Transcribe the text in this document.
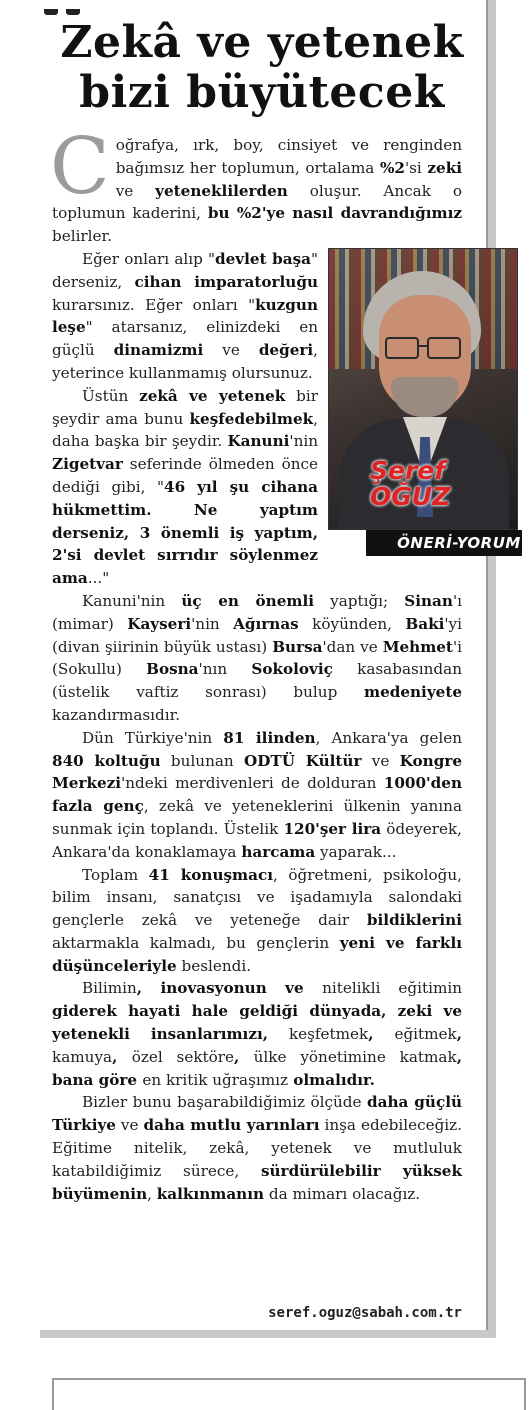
Zekâ ve yetenek
bizi büyütecek

Coğrafya, ırk, boy, cinsiyet ve renginden bağımsız her toplumun, ortalama %2'si zeki ve yeteneklilerden oluşur. Ancak o toplumun kaderini, bu %2'ye nasıl davrandığımız belirler.

Şeref
OĞUZ
ÖNERİ-YORUM
Eğer onları alıp "devlet başa" derseniz, cihan imparatorluğu kurarsınız. Eğer onları "kuzgun leşe" atarsanız, elinizdeki en güçlü dinamizmi ve değeri, yeterince kullanmamış olursunuz.

Üstün zekâ ve yetenek bir şeydir ama bunu keşfedebilmek, daha başka bir şeydir. Kanuni'nin Zigetvar seferinde ölmeden önce dediği gibi, "46 yıl şu cihana hükmettim. Ne yaptım derseniz, 3 önemli iş yaptım, 2'si devlet sırrıdır söylenmez ama..."

Kanuni'nin üç en önemli yaptığı; Sinan'ı (mimar) Kayseri'nin Ağırnas köyünden, Baki'yi (divan şiirinin büyük ustası) Bursa'dan ve Mehmet'i (Sokullu) Bosna'nın Sokoloviç kasabasından (üstelik vaftiz sonrası) bulup medeniyete kazandırmasıdır.

Dün Türkiye'nin 81 ilinden, Ankara'ya gelen 840 koltuğu bulunan ODTÜ Kültür ve Kongre Merkezi'ndeki merdivenleri de dolduran 1000'den fazla genç, zekâ ve yeteneklerini ülkenin yanına sunmak için toplandı. Üstelik 120'şer lira ödeyerek, Ankara'da konaklamaya harcama yaparak...

Toplam 41 konuşmacı, öğretmeni, psikoloğu, bilim insanı, sanatçısı ve işadamıyla salondaki gençlerle zekâ ve yeteneğe dair bildiklerini aktarmakla kalmadı, bu gençlerin yeni ve farklı düşünceleriyle beslendi.

Bilimin, inovasyonun ve nitelikli eğitimin giderek hayati hale geldiği dünyada, zeki ve yetenekli insanlarımızı, keşfetmek, eğitmek, kamuya, özel sektöre, ülke yönetimine katmak, bana göre en kritik uğraşımız olmalıdır.

Bizler bunu başarabildiğimiz ölçüde daha güçlü Türkiye ve daha mutlu yarınları inşa edebileceğiz. Eğitime nitelik, zekâ, yetenek ve mutluluk katabildiğimiz sürece, sürdürülebilir yüksek büyümenin, kalkınmanın da mimarı olacağız.

seref.oguz@sabah.com.tr
